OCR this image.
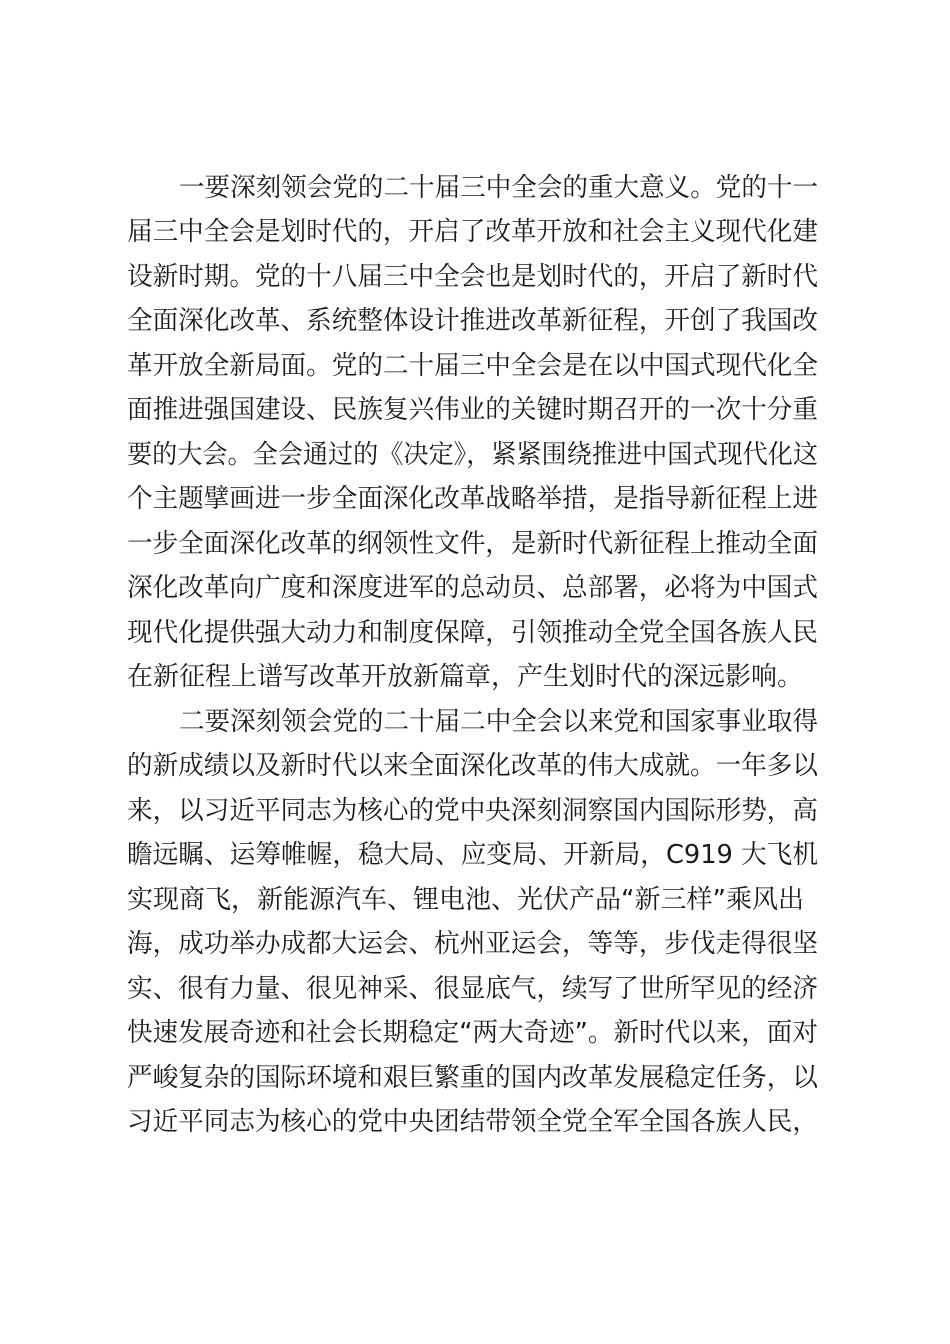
一要深刻领会党的二十届三中全会的重大意义。党的十一
届三中全会是划时代的，开启了改革开放和社会主义现代化建
设新时期。党的十八届三中全会也是划时代的，开启了新时代
全面深化改革、系统整体设计推进改革新征程，开创了我国改
革开放全新局面。党的二十届三中全会是在以中国式现代化全
面推进强国建设、民族复兴伟业的关键时期召开的一次十分重
要的大会。全会通过的《决定》，紧紧围绕推进中国式现代化这
个主题擘画进一步全面深化改革战略举措，是指导新征程上进
一步全面深化改革的纲领性文件，是新时代新征程上推动全面
深化改革向广度和深度进军的总动员、总部署，必将为中国式
现代化提供强大动力和制度保障，引领推动全党全国各族人民
在新征程上谱写改革开放新篇章，产生划时代的深远影响。
二要深刻领会党的二十届二中全会以来党和国家事业取得
的新成绩以及新时代以来全面深化改革的伟大成就。一年多以
来，以习近平同志为核心的党中央深刻洞察国内国际形势，高
瞻远瞩、运筹帷幄，稳大局、应变局、开新局，C919 大飞机
实现商飞，新能源汽车、锂电池、光伏产品“新三样”乘风出
海，成功举办成都大运会、杭州亚运会，等等，步伐走得很坚
实、很有力量、很见神采、很显底气，续写了世所罕见的经济
快速发展奇迹和社会长期稳定“两大奇迹”。新时代以来，面对
严峻复杂的国际环境和艰巨繁重的国内改革发展稳定任务，以
习近平同志为核心的党中央团结带领全党全军全国各族人民，
